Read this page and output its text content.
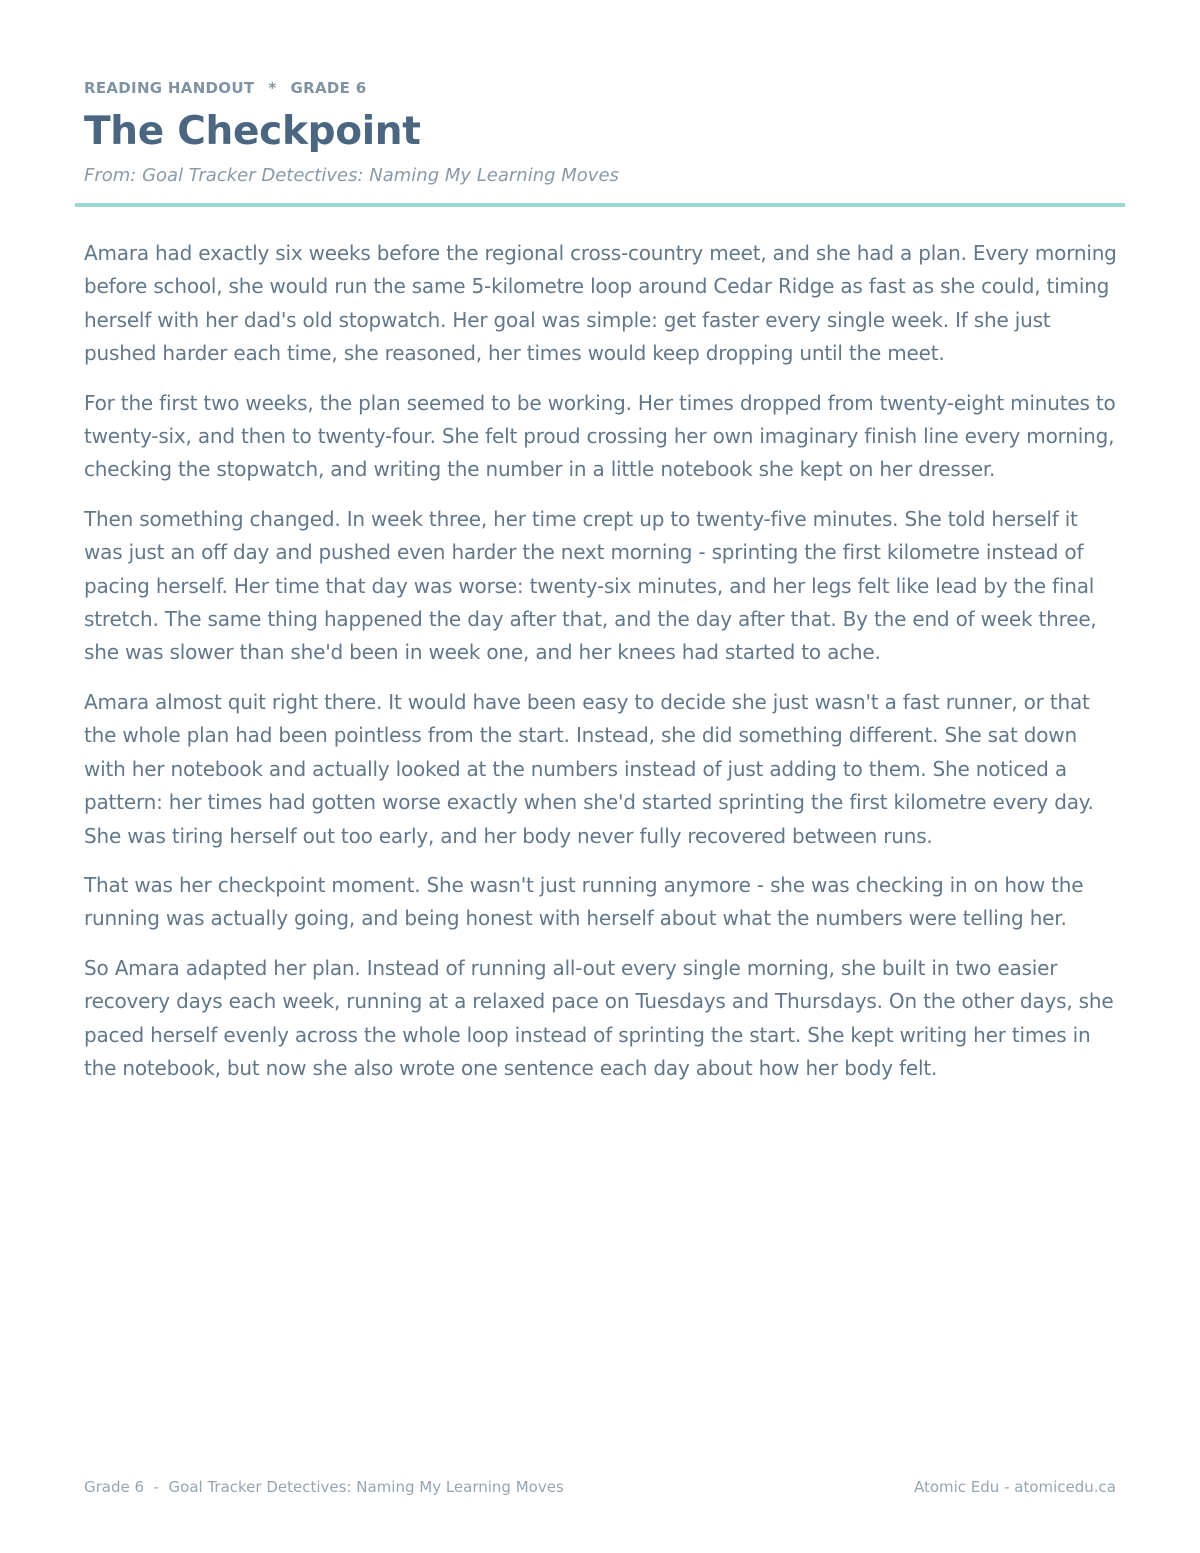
READING HANDOUT * GRADE 6
The Checkpoint
From: Goal Tracker Detectives: Naming My Learning Moves

Amara had exactly six weeks before the regional cross-country meet, and she had a plan. Every morning before school, she would run the same 5-kilometre loop around Cedar Ridge as fast as she could, timing herself with her dad's old stopwatch. Her goal was simple: get faster every single week. If she just pushed harder each time, she reasoned, her times would keep dropping until the meet.

For the first two weeks, the plan seemed to be working. Her times dropped from twenty-eight minutes to twenty-six, and then to twenty-four. She felt proud crossing her own imaginary finish line every morning, checking the stopwatch, and writing the number in a little notebook she kept on her dresser.

Then something changed. In week three, her time crept up to twenty-five minutes. She told herself it was just an off day and pushed even harder the next morning - sprinting the first kilometre instead of pacing herself. Her time that day was worse: twenty-six minutes, and her legs felt like lead by the final stretch. The same thing happened the day after that, and the day after that. By the end of week three, she was slower than she'd been in week one, and her knees had started to ache.

Amara almost quit right there. It would have been easy to decide she just wasn't a fast runner, or that the whole plan had been pointless from the start. Instead, she did something different. She sat down with her notebook and actually looked at the numbers instead of just adding to them. She noticed a pattern: her times had gotten worse exactly when she'd started sprinting the first kilometre every day. She was tiring herself out too early, and her body never fully recovered between runs.

That was her checkpoint moment. She wasn't just running anymore - she was checking in on how the running was actually going, and being honest with herself about what the numbers were telling her.

So Amara adapted her plan. Instead of running all-out every single morning, she built in two easier recovery days each week, running at a relaxed pace on Tuesdays and Thursdays. On the other days, she paced herself evenly across the whole loop instead of sprinting the start. She kept writing her times in the notebook, but now she also wrote one sentence each day about how her body felt.

Grade 6  -  Goal Tracker Detectives: Naming My Learning Moves	Atomic Edu - atomicedu.ca
